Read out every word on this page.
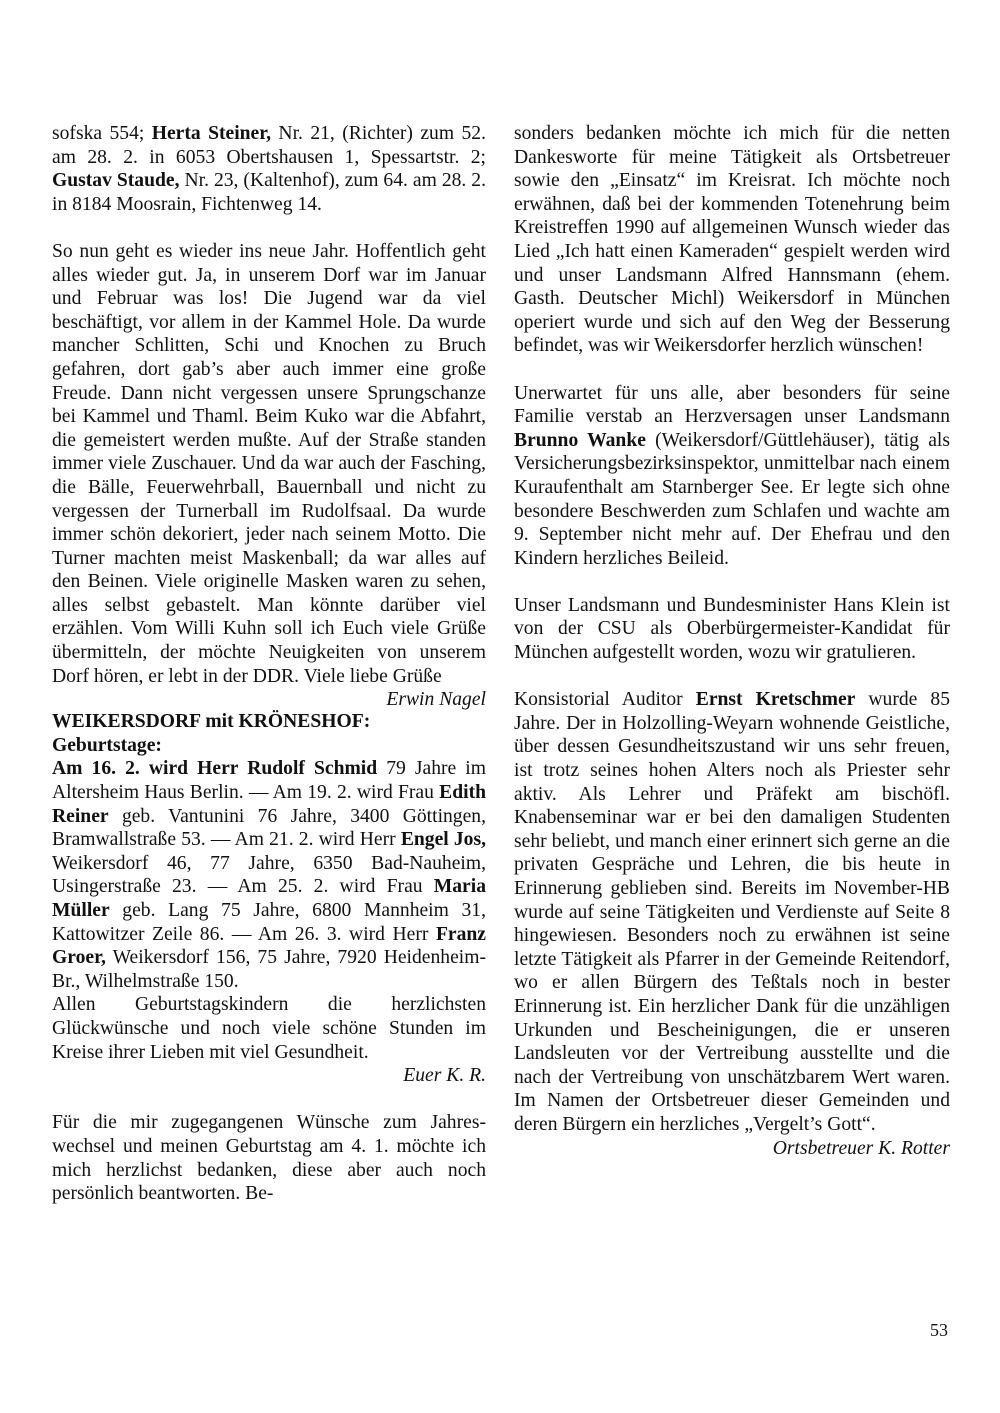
sofska 554; Herta Steiner, Nr. 21, (Richter) zum 52. am 28. 2. in 6053 Obertshausen 1, Spessartstr. 2; Gustav Staude, Nr. 23, (Kaltenhof), zum 64. am 28. 2. in 8184 Moosrain, Fichtenweg 14.

So nun geht es wieder ins neue Jahr. Hoffentlich geht alles wieder gut. Ja, in unserem Dorf war im Januar und Februar was los! Die Jugend war da viel beschäftigt, vor allem in der Kammel Hole. Da wurde mancher Schlitten, Schi und Knochen zu Bruch gefahren, dort gab’s aber auch immer eine große Freude. Dann nicht vergessen unsere Sprungschanze bei Kammel und Thaml. Beim Kuko war die Abfahrt, die gemeistert werden mußte. Auf der Straße standen immer viele Zuschauer. Und da war auch der Fasching, die Bälle, Feuerwehrball, Bauernball und nicht zu vergessen der Turnerball im Rudolfsaal. Da wurde immer schön dekoriert, jeder nach seinem Motto. Die Turner machten meist Maskenball; da war alles auf den Beinen. Viele originelle Masken waren zu sehen, alles selbst gebastelt. Man könnte darüber viel erzählen. Vom Willi Kuhn soll ich Euch viele Grüße übermitteln, der möchte Neuigkeiten von unserem Dorf hören, er lebt in der DDR. Viele liebe Grüße
Erwin Nagel

WEIKERSDORF mit KRÖNESHOF:
Geburtstage:

Am 16. 2. wird Herr Rudolf Schmid 79 Jahre im Altersheim Haus Berlin. — Am 19. 2. wird Frau Edith Reiner geb. Vantunini 76 Jahre, 3400 Göttingen, Bramwallstraße 53. — Am 21. 2. wird Herr Engel Jos, Weikersdorf 46, 77 Jahre, 6350 Bad-Nauheim, Usingerstraße 23. — Am 25. 2. wird Frau Maria Müller geb. Lang 75 Jahre, 6800 Mannheim 31, Kattowitzer Zeile 86. — Am 26. 3. wird Herr Franz Groer, Weikersdorf 156, 75 Jahre, 7920 Heidenheim-Br., Wilhelmstraße 150.

Allen Geburtstagskindern die herzlichsten Glückwünsche und noch viele schöne Stunden im Kreise ihrer Lieben mit viel Gesundheit.

Euer K. R.

Für die mir zugegangenen Wünsche zum Jahreswechsel und meinen Geburtstag am 4. 1. möchte ich mich herzlichst bedanken, diese aber auch noch persönlich beantworten. Be-

sonders bedanken möchte ich mich für die netten Dankesworte für meine Tätigkeit als Ortsbetreuer sowie den „Einsatz“ im Kreisrat. Ich möchte noch erwähnen, daß bei der kommenden Totenehrung beim Kreistreffen 1990 auf allgemeinen Wunsch wieder das Lied „Ich hatt einen Kameraden“ gespielt werden wird und unser Landsmann Alfred Hannsmann (ehem. Gasth. Deutscher Michl) Weikersdorf in München operiert wurde und sich auf den Weg der Besserung befindet, was wir Weikersdorfer herzlich wünschen!

Unerwartet für uns alle, aber besonders für seine Familie verstab an Herzversagen unser Landsmann Brunno Wanke (Weikersdorf/Güttlehäuser), tätig als Versicherungsbezirksinspektor, unmittelbar nach einem Kuraufenthalt am Starnberger See. Er legte sich ohne besondere Beschwerden zum Schlafen und wachte am 9. September nicht mehr auf. Der Ehefrau und den Kindern herzliches Beileid.

Unser Landsmann und Bundesminister Hans Klein ist von der CSU als Oberbürgermeister-Kandidat für München aufgestellt worden, wozu wir gratulieren.

Konsistorial Auditor Ernst Kretschmer wurde 85 Jahre. Der in Holzolling-Weyarn wohnende Geistliche, über dessen Gesundheitszustand wir uns sehr freuen, ist trotz seines hohen Alters noch als Priester sehr aktiv. Als Lehrer und Präfekt am bischöfl. Knabenseminar war er bei den damaligen Studenten sehr beliebt, und manch einer erinnert sich gerne an die privaten Gespräche und Lehren, die bis heute in Erinnerung geblieben sind. Bereits im November-HB wurde auf seine Tätigkeiten und Verdienste auf Seite 8 hingewiesen. Besonders noch zu erwähnen ist seine letzte Tätigkeit als Pfarrer in der Gemeinde Reitendorf, wo er allen Bürgern des Teßtals noch in bester Erinnerung ist. Ein herzlicher Dank für die unzähligen Urkunden und Bescheinigungen, die er unseren Landsleuten vor der Vertreibung ausstellte und die nach der Vertreibung von unschätzbarem Wert waren. Im Namen der Ortsbetreuer dieser Gemeinden und deren Bürgern ein herzliches „Vergelt’s Gott“.
Ortsbetreuer K. Rotter

53
